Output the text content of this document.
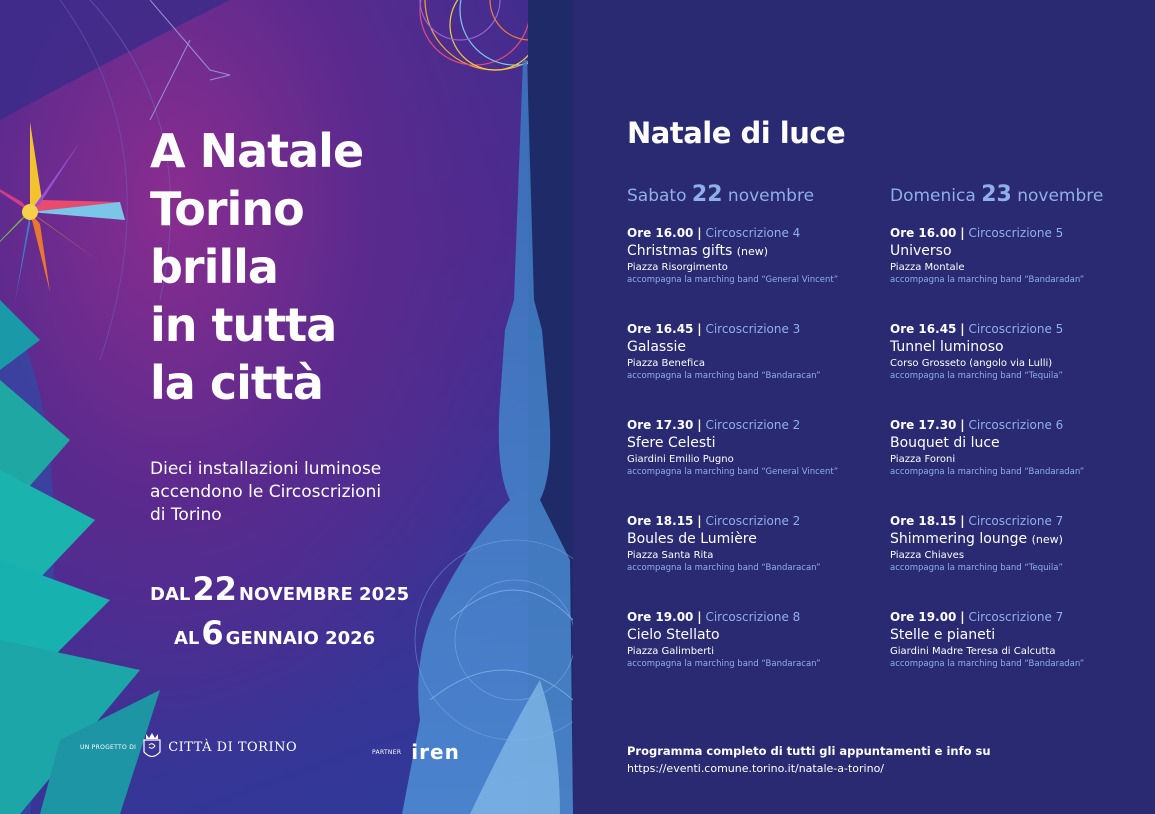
A Natale
Torino
brilla
in tutta
la città
Dieci installazioni luminose
accendono le Circoscrizioni
di Torino
DAL 22 NOVEMBRE 2025
AL 6 GENNAIO 2026
UN PROGETTO DI CITTÀ DI TORINO	PARTNER iren
Natale di luce
Sabato 22 novembre
Ore 16.00 | Circoscrizione 4
Christmas gifts (new)
Piazza Risorgimento
accompagna la marching band “General Vincent”
Ore 16.45 | Circoscrizione 3
Galassie
Piazza Benefica
accompagna la marching band “Bandaracan”
Ore 17.30 | Circoscrizione 2
Sfere Celesti
Giardini Emilio Pugno
accompagna la marching band “General Vincent”
Ore 18.15 | Circoscrizione 2
Boules de Lumière
Piazza Santa Rita
accompagna la marching band “Bandaracan”
Ore 19.00 | Circoscrizione 8
Cielo Stellato
Piazza Galimberti
accompagna la marching band “Bandaracan”
Domenica 23 novembre
Ore 16.00 | Circoscrizione 5
Universo
Piazza Montale
accompagna la marching band “Bandaradan”
Ore 16.45 | Circoscrizione 5
Tunnel luminoso
Corso Grosseto (angolo via Lulli)
accompagna la marching band “Tequila”
Ore 17.30 | Circoscrizione 6
Bouquet di luce
Piazza Foroni
accompagna la marching band “Bandaradan”
Ore 18.15 | Circoscrizione 7
Shimmering lounge (new)
Piazza Chiaves
accompagna la marching band “Tequila”
Ore 19.00 | Circoscrizione 7
Stelle e pianeti
Giardini Madre Teresa di Calcutta
accompagna la marching band “Bandaradan”
Programma completo di tutti gli appuntamenti e info su
https://eventi.comune.torino.it/natale-a-torino/
